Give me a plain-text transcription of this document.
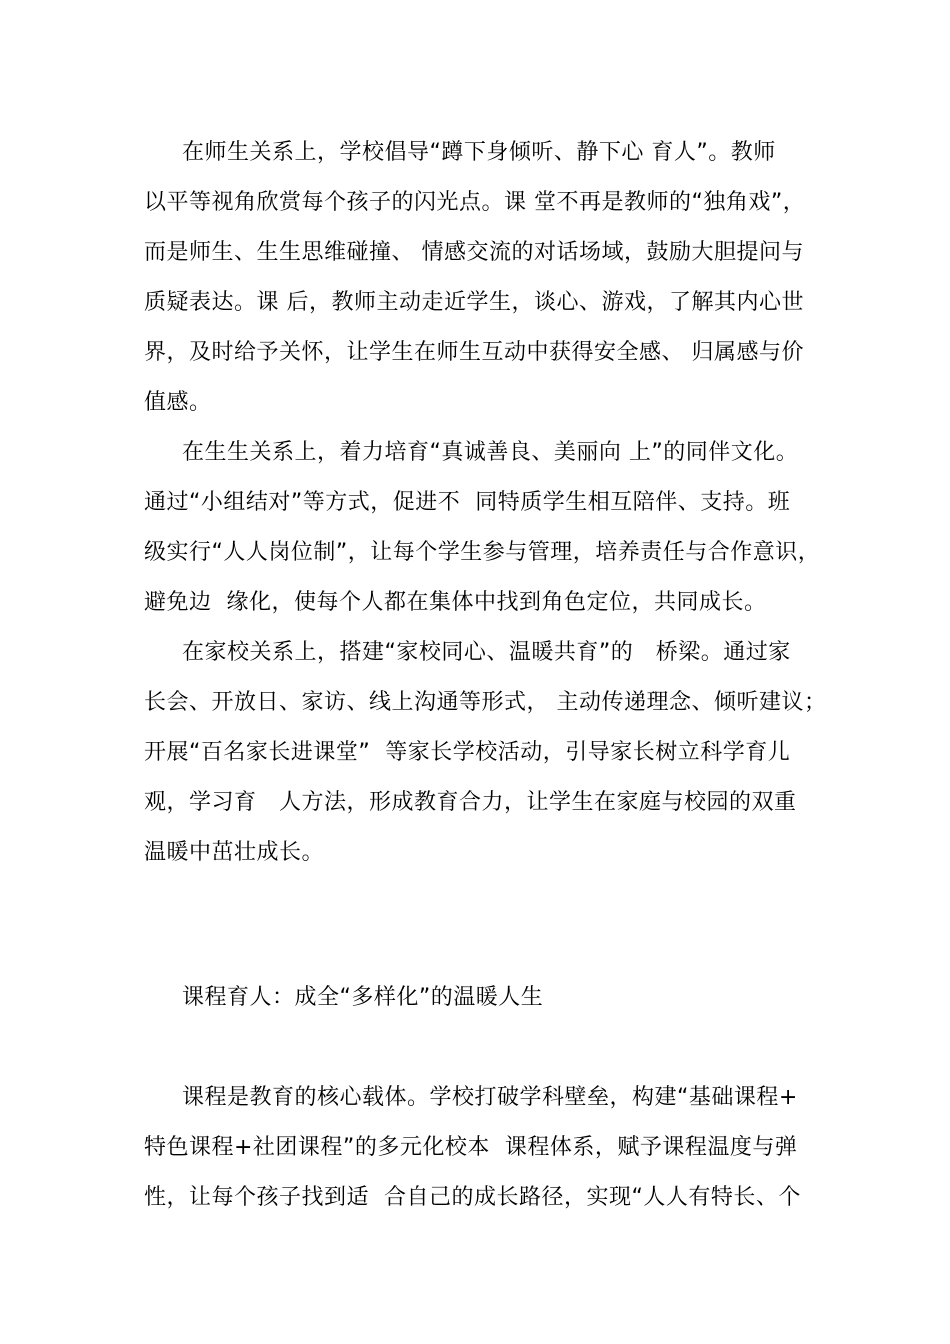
在师生关系上，学校倡导“蹲下身倾听、静下心 育人”。教师
以平等视角欣赏每个孩子的闪光点。课 堂不再是教师的“独角戏”，
而是师生、生生思维碰撞、 情感交流的对话场域，鼓励大胆提问与
质疑表达。课 后，教师主动走近学生，谈心、游戏，了解其内心世
界，及时给予关怀，让学生在师生互动中获得安全感、 归属感与价
值感。
在生生关系上，着力培育“真诚善良、美丽向 上”的同伴文化。
通过“小组结对”等方式，促进不  同特质学生相互陪伴、支持。班
级实行“人人岗位制”，让每个学生参与管理，培养责任与合作意识，
避免边  缘化，使每个人都在集体中找到角色定位，共同成长。
在家校关系上，搭建“家校同心、温暖共育”的   桥梁。通过家
长会、开放日、家访、线上沟通等形式， 主动传递理念、倾听建议；
开展“百名家长进课堂”  等家长学校活动，引导家长树立科学育儿
观，学习育   人方法，形成教育合力，让学生在家庭与校园的双重
温暖中茁壮成长。
课程育人：成全“多样化”的温暖人生
课程是教育的核心载体。学校打破学科壁垒，构建“基础课程+
特色课程+社团课程”的多元化校本  课程体系，赋予课程温度与弹
性，让每个孩子找到适  合自己的成长路径，实现“人人有特长、个
